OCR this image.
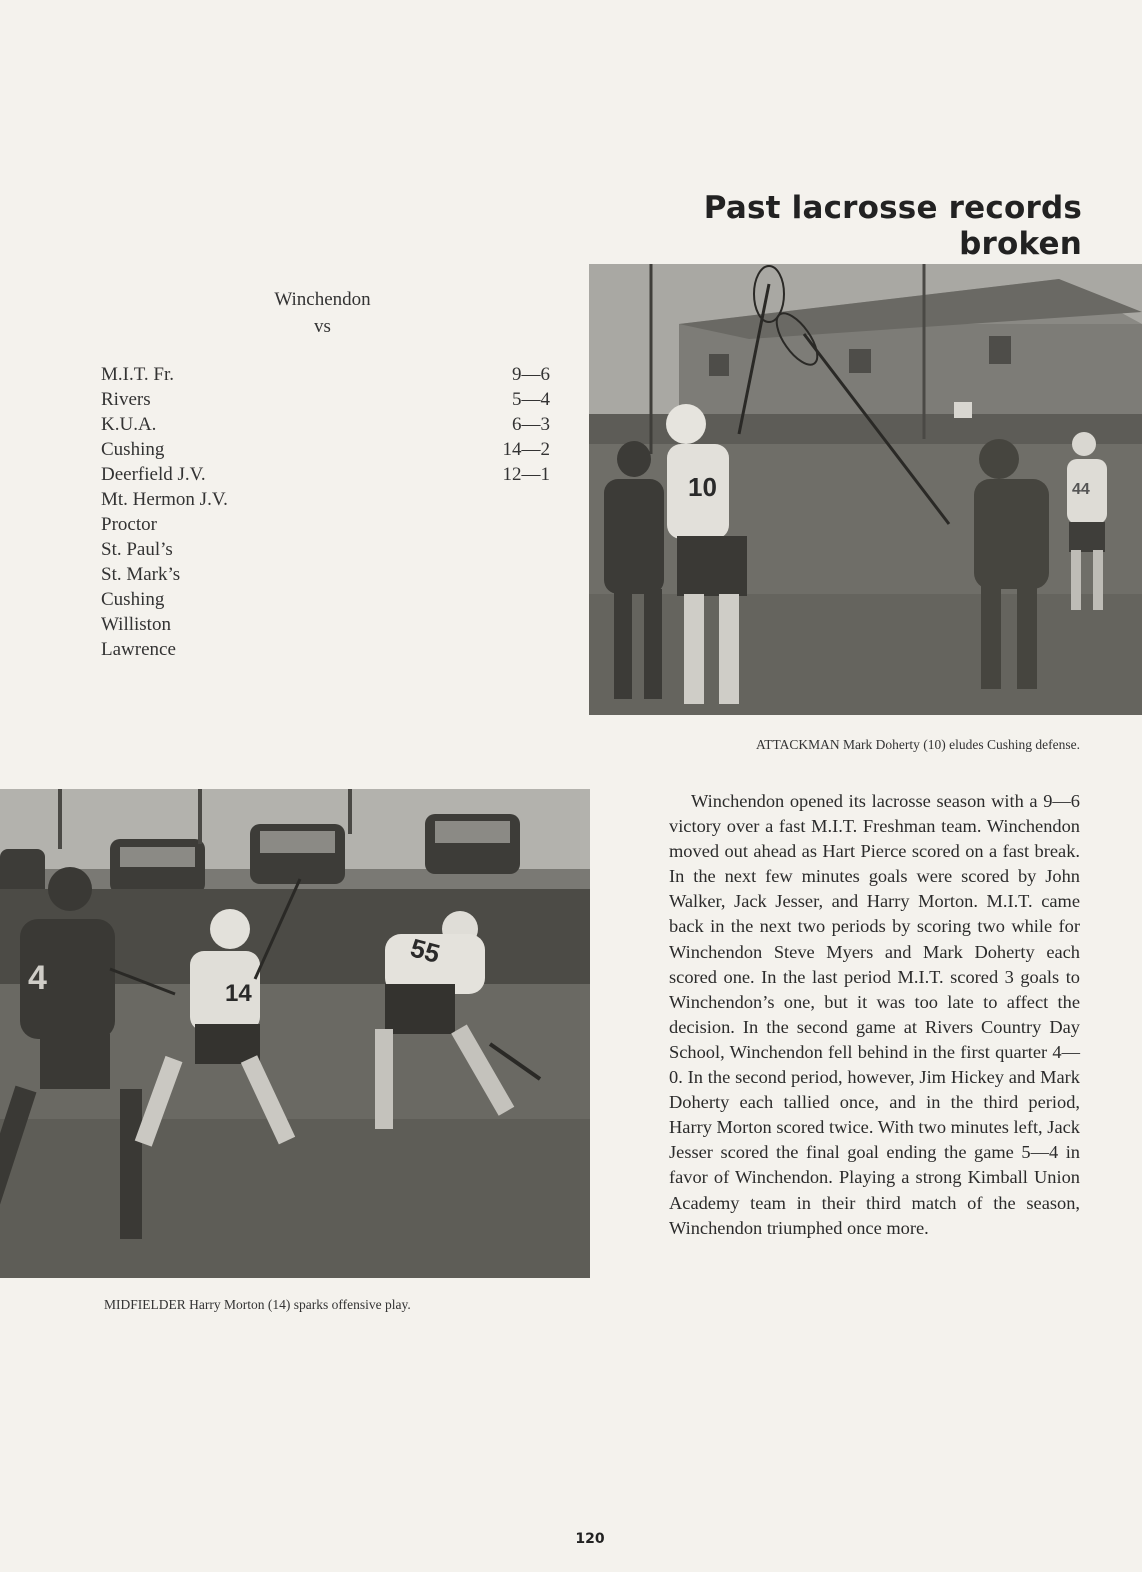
Past lacrosse records broken
Winchendon
vs
M.I.T. Fr.
Rivers
K.U.A.
Cushing
Deerfield J.V.
Mt. Hermon J.V.
Proctor
St. Paul’s
St. Mark’s
Cushing
Williston
Lawrence
9—6
5—4
6—3
14—2
12—1	10	44
ATTACKMAN Mark Doherty (10) eludes Cushing defense.
14
55
4
MIDFIELDER Harry Morton (14) sparks offensive play.

Winchendon opened its lacrosse season with a 9—6 victory over a fast M.I.T. Freshman team. Winchendon moved out ahead as Hart Pierce scored on a fast break. In the next few minutes goals were scored by John Walker, Jack Jesser, and Harry Morton. M.I.T. came back in the next two periods by scoring two while for Winchendon Steve Myers and Mark Doherty each scored one. In the last period M.I.T. scored 3 goals to Winchendon’s one, but it was too late to affect the decision. In the second game at Rivers Country Day School, Winchendon fell behind in the first quarter 4—0. In the second period, however, Jim Hickey and Mark Doherty each tallied once, and in the third period, Harry Morton scored twice. With two minutes left, Jack Jesser scored the final goal ending the game 5—4 in favor of Winchendon. Playing a strong Kimball Union Academy team in their third match of the season, Winchendon triumphed once more.

120
